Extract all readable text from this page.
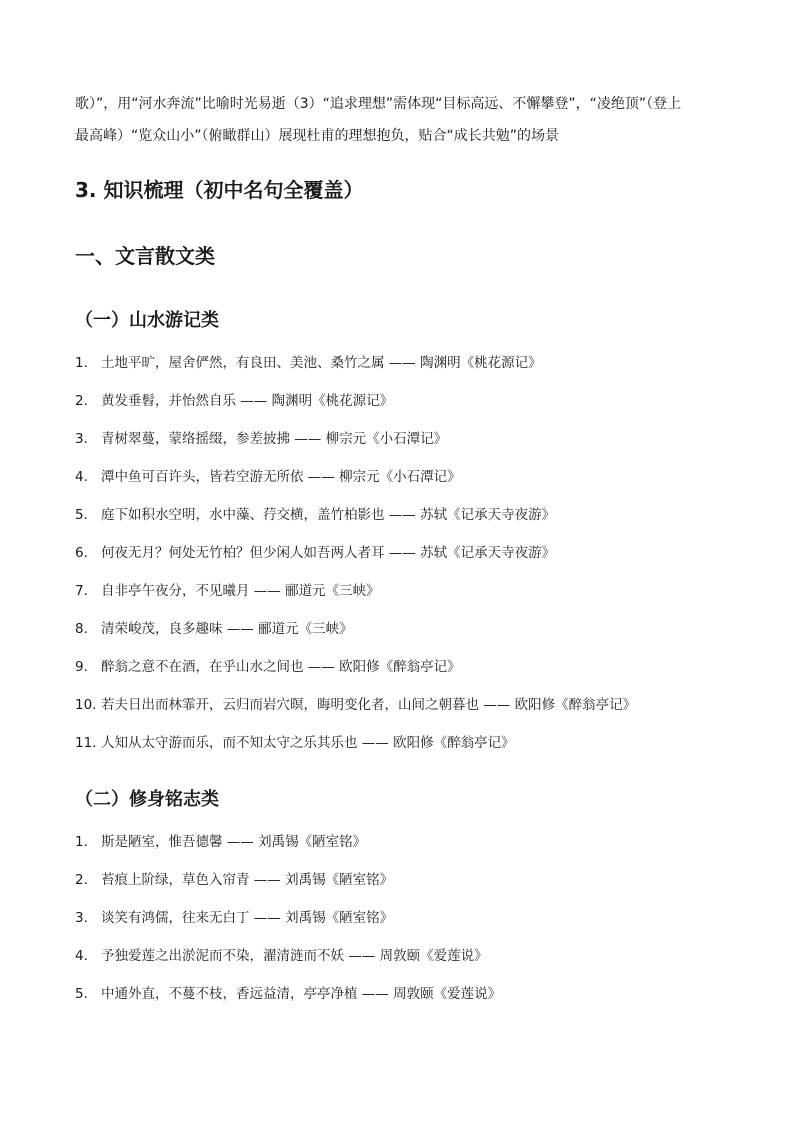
歌）”，用“河水奔流”比喻时光易逝（3）“追求理想”需体现“目标高远、不懈攀登”，“凌绝顶”（登上

最高峰）“览众山小”（俯瞰群山）展现杜甫的理想抱负，贴合“成长共勉”的场景

3. 知识梳理（初中名句全覆盖）
一、文言散文类
（一）山水游记类
1. 土地平旷，屋舍俨然，有良田、美池、桑竹之属 —— 陶渊明《桃花源记》
2. 黄发垂髫，并怡然自乐 —— 陶渊明《桃花源记》
3. 青树翠蔓，蒙络摇缀，参差披拂 —— 柳宗元《小石潭记》
4. 潭中鱼可百许头，皆若空游无所依 —— 柳宗元《小石潭记》
5. 庭下如积水空明，水中藻、荇交横，盖竹柏影也 —— 苏轼《记承天寺夜游》
6. 何夜无月？何处无竹柏？但少闲人如吾两人者耳 —— 苏轼《记承天寺夜游》
7. 自非亭午夜分，不见曦月 —— 郦道元《三峡》
8. 清荣峻茂，良多趣味 —— 郦道元《三峡》
9. 醉翁之意不在酒，在乎山水之间也 —— 欧阳修《醉翁亭记》
10. 若夫日出而林霏开，云归而岩穴暝，晦明变化者，山间之朝暮也 —— 欧阳修《醉翁亭记》
11. 人知从太守游而乐，而不知太守之乐其乐也 —— 欧阳修《醉翁亭记》
（二）修身铭志类
1. 斯是陋室，惟吾德馨 —— 刘禹锡《陋室铭》
2. 苔痕上阶绿，草色入帘青 —— 刘禹锡《陋室铭》
3. 谈笑有鸿儒，往来无白丁 —— 刘禹锡《陋室铭》
4. 予独爱莲之出淤泥而不染，濯清涟而不妖 —— 周敦颐《爱莲说》
5. 中通外直，不蔓不枝，香远益清，亭亭净植 —— 周敦颐《爱莲说》
